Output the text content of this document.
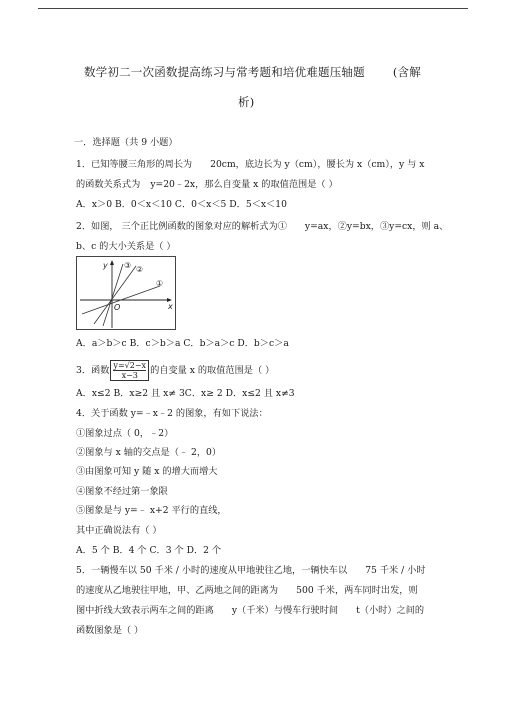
数学初二一次函数提高练习与常考题和培优难题压轴题 (含解
析)
一．选择题（共 9 小题）
1．已知等腰三角形的周长为 20cm，底边长为 y（cm），腰长为 x（cm），y 与 x
的函数关系式为 y=20﹣2x，那么自变量 x 的取值范围是（ ）
A．x＞0 B．0＜x＜10 C．0＜x＜5 D．5＜x＜10
2．如图， 三个正比例函数的图象对应的解析式为① y=ax，②y=bx，③y=cx，则 a、
b、c 的大小关系是（ ）
y
x
O
③ ②
①
A．a＞b＞c B．c＞b＞a C．b＞a＞c D．b＞c＞a
3．函数 $\frac{y=√2-x}{x-3}$ 的自变量 x 的取值范围是（ ）
A．x≤2 B．x≥2 且 x≠ 3C．x≥ 2 D．x≤2 且 x≠3
4．关于函数 y=﹣x﹣2 的图象，有如下说法：
①图象过点（ 0，﹣2）
②图象与 x 轴的交点是（﹣ 2，0）
③由图象可知 y 随 x 的增大而增大
④图象不经过第一象限
⑤图象是与 y=﹣ x+2 平行的直线，
其中正确说法有（ ）
A．5 个 B．4 个 C．3 个 D．2 个
5．一辆慢车以 50 千米 / 小时的速度从甲地驶往乙地，一辆快车以 75 千米 / 小时
的速度从乙地驶往甲地，甲、乙两地之间的距离为 500 千米，两车同时出发，则
图中折线大致表示两车之间的距离 y（千米）与慢车行驶时间 t（小时）之间的
函数图象是（ ）
